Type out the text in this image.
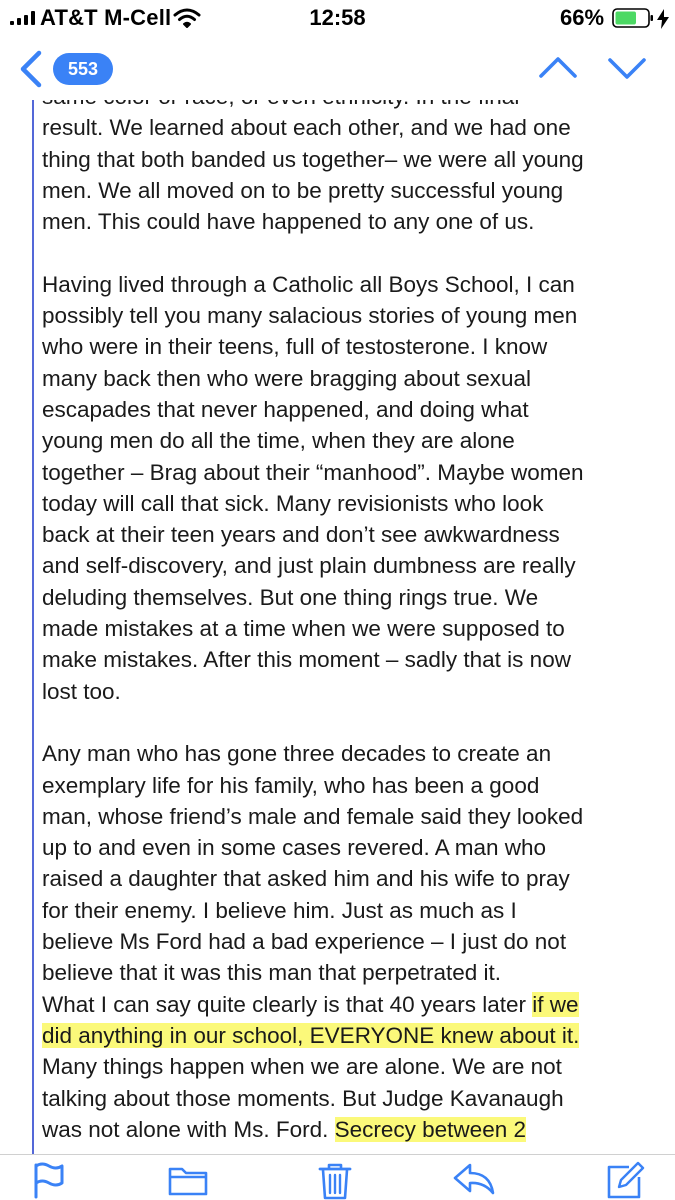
result. We learned about each other, and we had one
thing that both banded us together– we were all young
men. We all moved on to be pretty successful young
men. This could have happened to any one of us.
Having lived through a Catholic all Boys School, I can
possibly tell you many salacious stories of young men
who were in their teens, full of testosterone. I know
many back then who were bragging about sexual
escapades that never happened, and doing what
young men do all the time, when they are alone
together – Brag about their “manhood”. Maybe women
today will call that sick. Many revisionists who look
back at their teen years and don’t see awkwardness
and self-discovery, and just plain dumbness are really
deluding themselves. But one thing rings true. We
made mistakes at a time when we were supposed to
make mistakes. After this moment – sadly that is now
lost too.
Any man who has gone three decades to create an
exemplary life for his family, who has been a good
man, whose friend’s male and female said they looked
up to and even in some cases revered. A man who
raised a daughter that asked him and his wife to pray
for their enemy. I believe him. Just as much as I
believe Ms Ford had a bad experience – I just do not
believe that it was this man that perpetrated it.
What I can say quite clearly is that 40 years later if we
did anything in our school, EVERYONE knew about it.
Many things happen when we are alone. We are not
talking about those moments. But Judge Kavanaugh
was not alone with Ms. Ford. Secrecy between 2
AT&T M-Cell	12:58	66%
553
